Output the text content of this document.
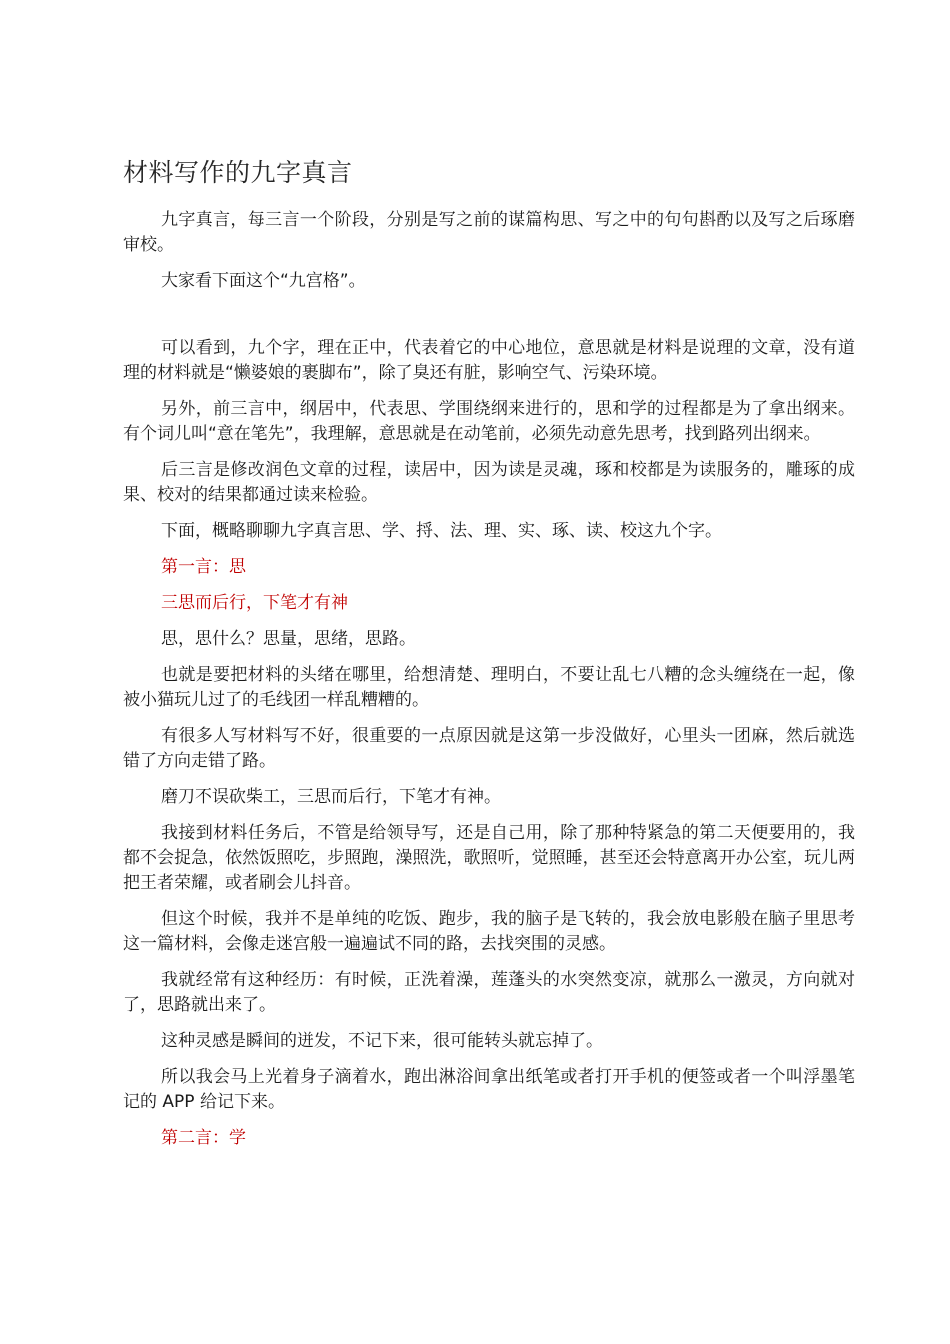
材料写作的九字真言

九字真言，每三言一个阶段，分别是写之前的谋篇构思、写之中的句句斟酌以及写之后琢磨审校。

大家看下面这个“九宫格”。

可以看到，九个字，理在正中，代表着它的中心地位，意思就是材料是说理的文章，没有道理的材料就是“懒婆娘的裹脚布”，除了臭还有脏，影响空气、污染环境。

另外，前三言中，纲居中，代表思、学围绕纲来进行的，思和学的过程都是为了拿出纲来。有个词儿叫“意在笔先”，我理解，意思就是在动笔前，必须先动意先思考，找到路列出纲来。

后三言是修改润色文章的过程，读居中，因为读是灵魂，琢和校都是为读服务的，雕琢的成果、校对的结果都通过读来检验。

下面，概略聊聊九字真言思、学、捋、法、理、实、琢、读、校这九个字。

第一言：思

三思而后行，下笔才有神

思，思什么？思量，思绪，思路。

也就是要把材料的头绪在哪里，给想清楚、理明白，不要让乱七八糟的念头缠绕在一起，像被小猫玩儿过了的毛线团一样乱糟糟的。

有很多人写材料写不好，很重要的一点原因就是这第一步没做好，心里头一团麻，然后就选错了方向走错了路。

磨刀不误砍柴工，三思而后行，下笔才有神。

我接到材料任务后，不管是给领导写，还是自己用，除了那种特紧急的第二天便要用的，我都不会捉急，依然饭照吃，步照跑，澡照洗，歌照听，觉照睡，甚至还会特意离开办公室，玩儿两把王者荣耀，或者刷会儿抖音。

但这个时候，我并不是单纯的吃饭、跑步，我的脑子是飞转的，我会放电影般在脑子里思考这一篇材料，会像走迷宫般一遍遍试不同的路，去找突围的灵感。

我就经常有这种经历：有时候，正洗着澡，莲蓬头的水突然变凉，就那么一激灵，方向就对了，思路就出来了。

这种灵感是瞬间的迸发，不记下来，很可能转头就忘掉了。

所以我会马上光着身子滴着水，跑出淋浴间拿出纸笔或者打开手机的便签或者一个叫浮墨笔记的 APP 给记下来。

第二言：学
